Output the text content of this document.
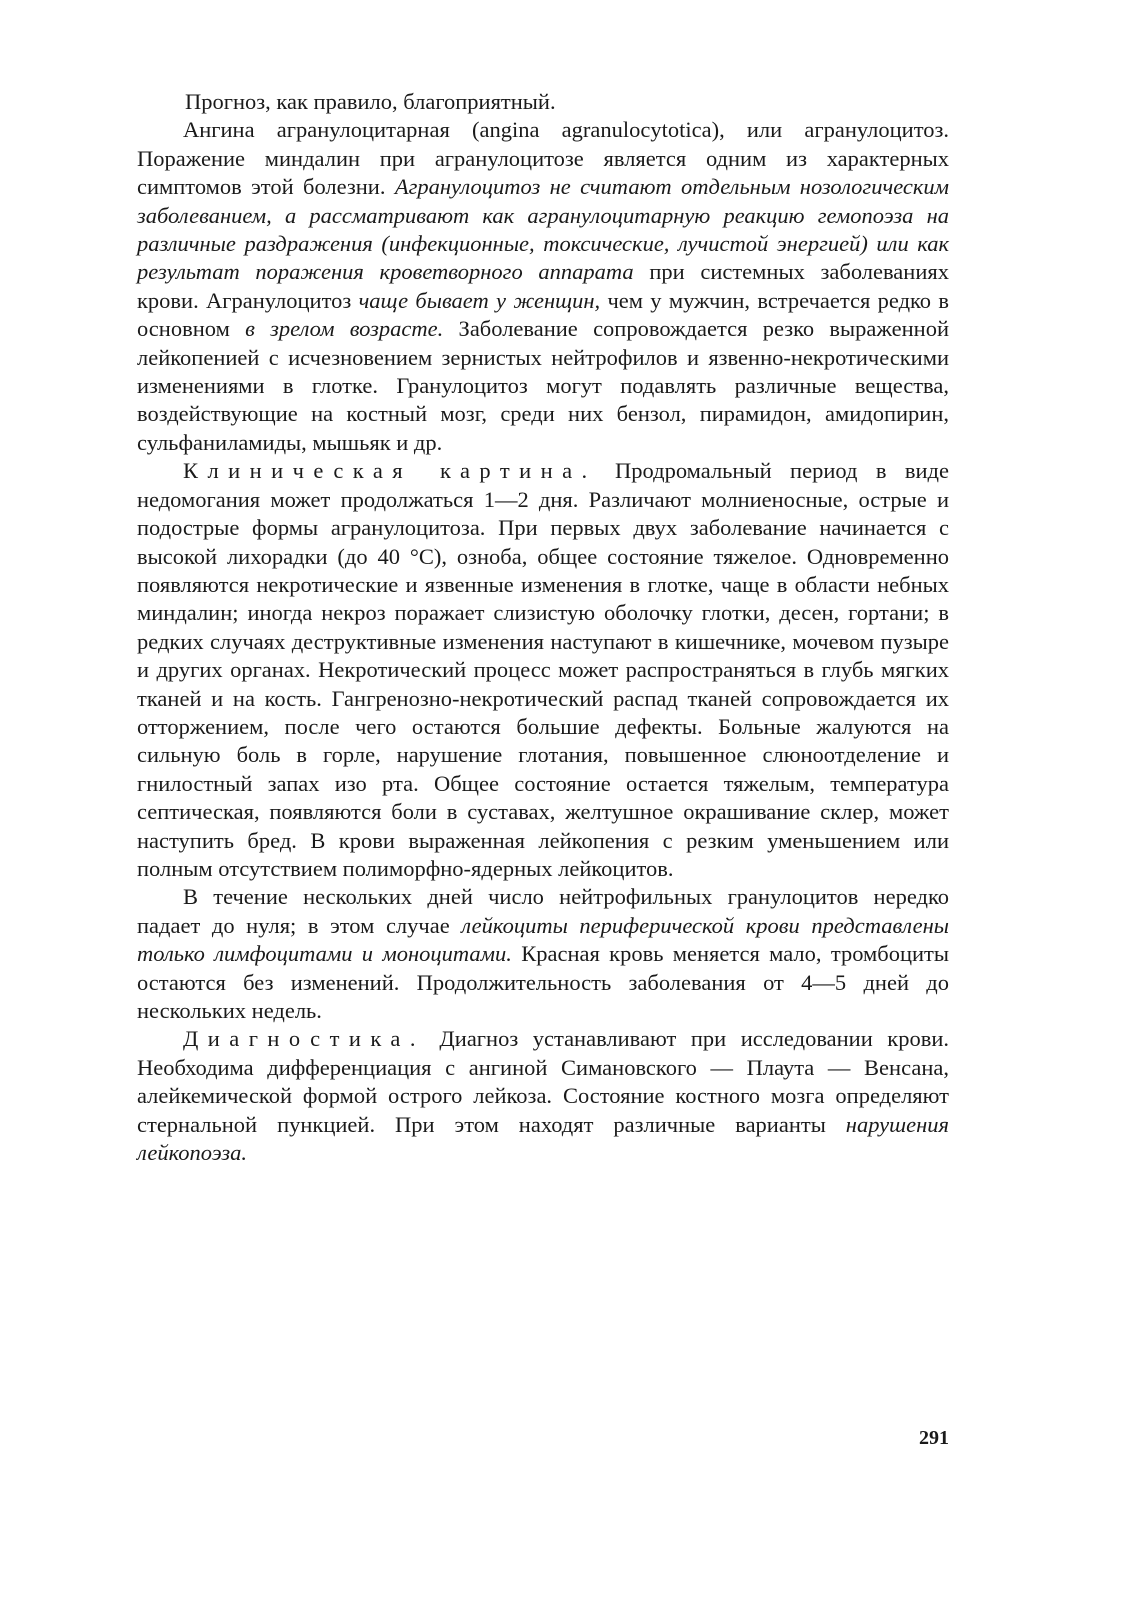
Прогноз, как правило, благоприятный.

Ангина агранулоцитарная (angina agranulocytotica), или агранулоцитоз. Поражение миндалин при агранулоцитозе является одним из характерных симптомов этой болезни. Агранулоцитоз не считают отдельным нозологическим заболеванием, а рассматривают как агранулоцитарную реакцию гемопоэза на различные раздражения (инфекционные, токсические, лучистой энергией) или как результат поражения кроветворного аппарата при системных заболеваниях крови. Агранулоцитоз чаще бывает у женщин, чем у мужчин, встречается редко в основном в зрелом возрасте. Заболевание сопровождается резко выраженной лейкопенией с исчезновением зернистых нейтрофилов и язвенно-некротическими изменениями в глотке. Гранулоцитоз могут подавлять различные вещества, воздействующие на костный мозг, среди них бензол, пирамидон, амидопирин, сульфаниламиды, мышьяк и др.

Клиническая картина. Продромальный период в виде недомогания может продолжаться 1—2 дня. Различают молниеносные, острые и подострые формы агранулоцитоза. При первых двух заболевание начинается с высокой лихорадки (до 40 °С), озноба, общее состояние тяжелое. Одновременно появляются некротические и язвенные изменения в глотке, чаще в области небных миндалин; иногда некроз поражает слизистую оболочку глотки, десен, гортани; в редких случаях деструктивные изменения наступают в кишечнике, мочевом пузыре и других органах. Некротический процесс может распространяться в глубь мягких тканей и на кость. Гангренозно-некротический распад тканей сопровождается их отторжением, после чего остаются большие дефекты. Больные жалуются на сильную боль в горле, нарушение глотания, повышенное слюноотделение и гнилостный запах изо рта. Общее состояние остается тяжелым, температура септическая, появляются боли в суставах, желтушное окрашивание склер, может наступить бред. В крови выраженная лейкопения с резким уменьшением или полным отсутствием полиморфно-ядерных лейкоцитов.

В течение нескольких дней число нейтрофильных гранулоцитов нередко падает до нуля; в этом случае лейкоциты периферической крови представлены только лимфоцитами и моноцитами. Красная кровь меняется мало, тромбоциты остаются без изменений. Продолжительность заболевания от 4—5 дней до нескольких недель.

Диагностика. Диагноз устанавливают при исследовании крови. Необходима дифференциация с ангиной Симановского — Плаута — Венсана, алейкемической формой острого лейкоза. Состояние костного мозга определяют стернальной пункцией. При этом находят различные варианты нарушения лейкопоэза.

291
